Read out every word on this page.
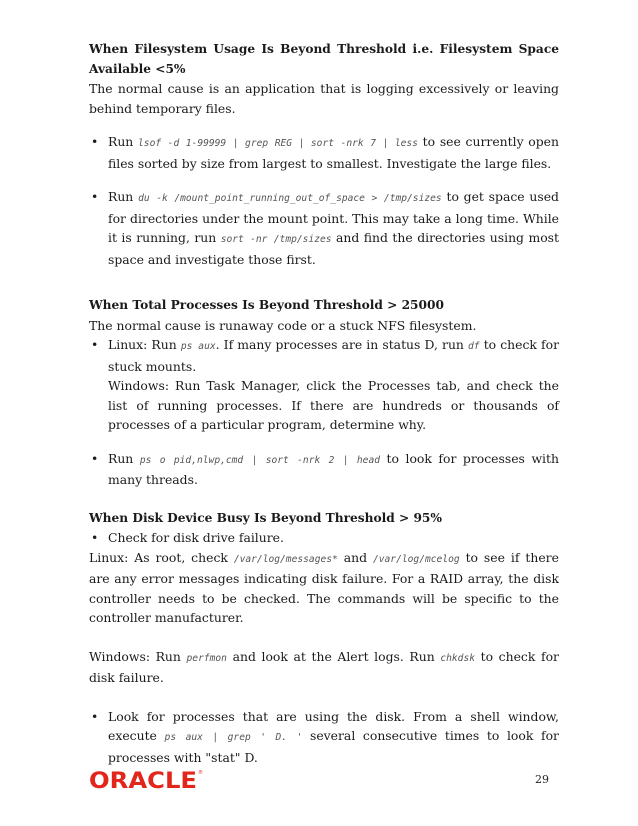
When Filesystem Usage Is Beyond Threshold i.e. Filesystem Space Available <5%

The normal cause is an application that is logging excessively or leaving behind temporary files.

• Run lsof -d 1-99999 | grep REG | sort -nrk 7 | less to see currently open files sorted by size from largest to smallest. Investigate the large files.
• Run du -k /mount_point_running_out_of_space > /tmp/sizes to get space used for directories under the mount point. This may take a long time. While it is running, run sort -nr /tmp/sizes and find the directories using most space and investigate those first.

When Total Processes Is Beyond Threshold > 25000

The normal cause is runaway code or a stuck NFS filesystem.

• Linux: Run ps aux. If many processes are in status D, run df to check for stuck mounts.
Windows: Run Task Manager, click the Processes tab, and check the list of running processes. If there are hundreds or thousands of processes of a particular program, determine why.
• Run ps o pid,nlwp,cmd | sort -nrk 2 | head to look for processes with many threads.

When Disk Device Busy Is Beyond Threshold > 95%

• Check for disk drive failure.

Linux: As root, check /var/log/messages* and /var/log/mcelog to see if there are any error messages indicating disk failure. For a RAID array, the disk controller needs to be checked. The commands will be specific to the controller manufacturer.

Windows: Run perfmon and look at the Alert logs. Run chkdsk to check for disk failure.

• Look for processes that are using the disk. From a shell window, execute ps aux | grep ' D. ' several consecutive times to look for processes with "stat" D.
ORACLE ®	29
